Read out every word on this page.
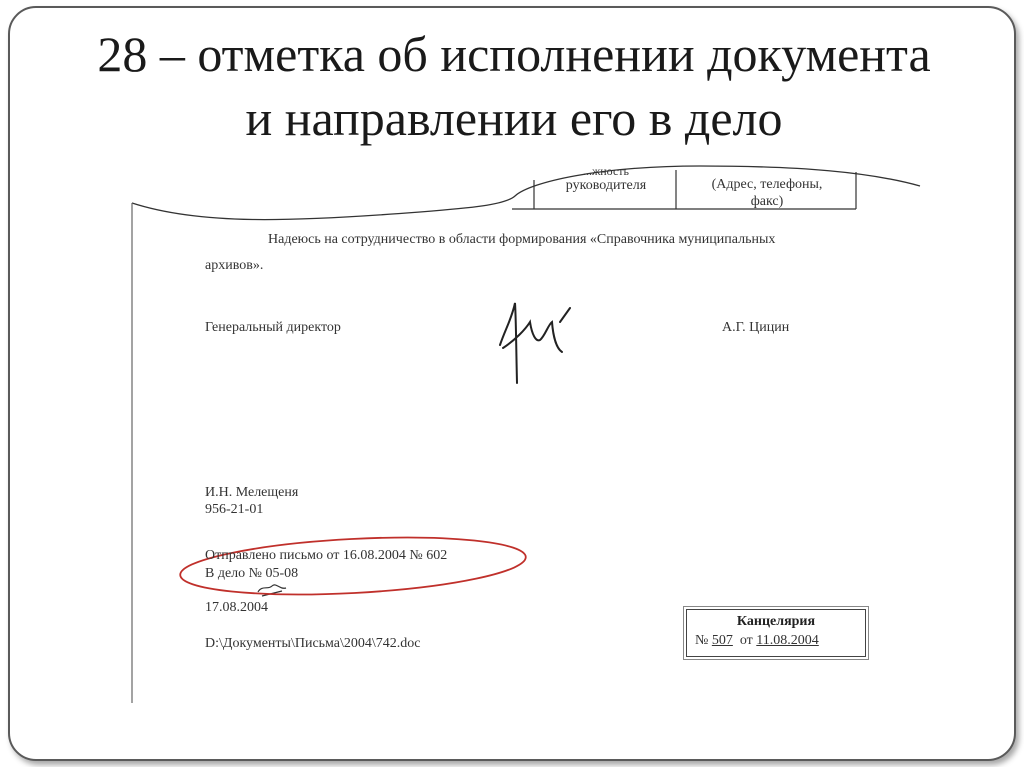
28 – отметка об исполнении документа
и направлении его в дело
...жность
руководителя	(Адрес, телефоны,
факс)
Надеюсь на сотрудничество в области формирования «Справочника муниципальных
архивов».
Генеральный директор	А.Г. Цицин
И.Н. Мелещеня
956-21-01
Отправлено письмо от 16.08.2004 № 602
В дело № 05-08
17.08.2004
D:\Документы\Письма\2004\742.doc
Канцелярия
№ 507 от 11.08.2004
